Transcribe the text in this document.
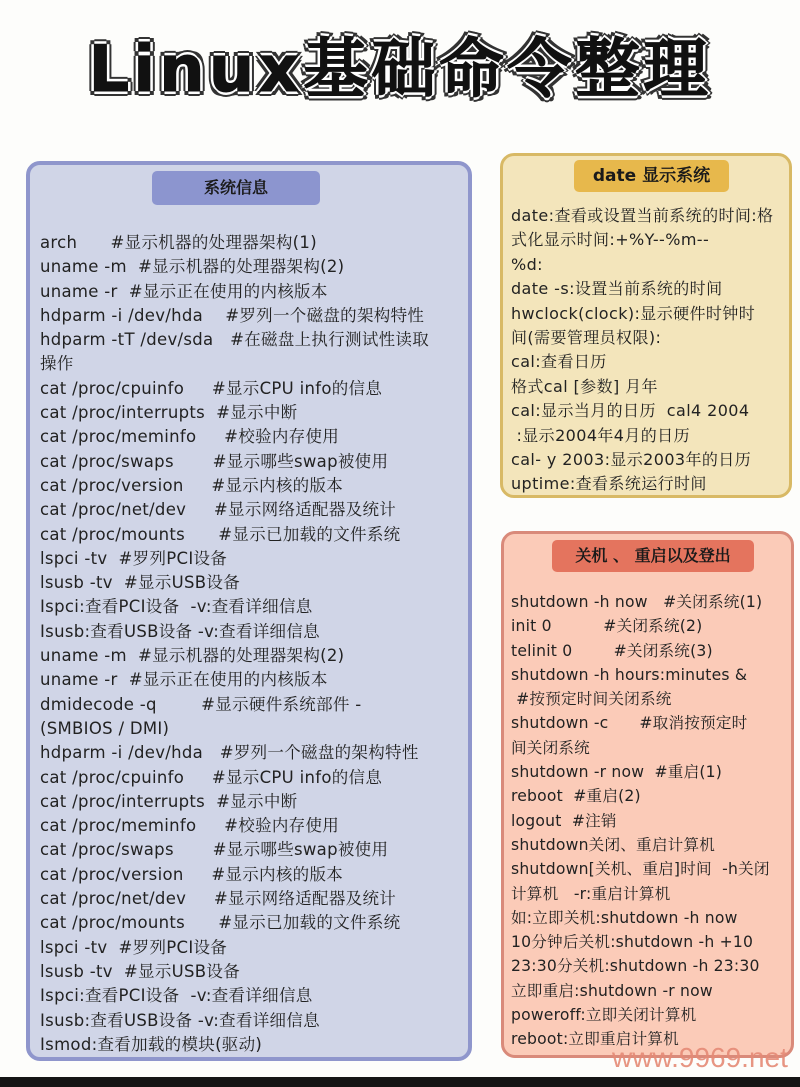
Linux基础命令整理
系统信息
arch      #显示机器的处理器架构(1)
uname -m  #显示机器的处理器架构(2)
uname -r  #显示正在使用的内核版本
hdparm -i /dev/hda    #罗列一个磁盘的架构特性
hdparm -tT /dev/sda   #在磁盘上执行测试性读取
操作
cat /proc/cpuinfo     #显示CPU info的信息
cat /proc/interrupts  #显示中断
cat /proc/meminfo     #校验内存使用
cat /proc/swaps       #显示哪些swap被使用
cat /proc/version     #显示内核的版本
cat /proc/net/dev     #显示网络适配器及统计
cat /proc/mounts      #显示已加载的文件系统
lspci -tv  #罗列PCI设备
lsusb -tv  #显示USB设备
Ispci:查看PCI设备  -v:查看详细信息
Isusb:查看USB设备 -v:查看详细信息
uname -m  #显示机器的处理器架构(2)
uname -r  #显示正在使用的内核版本
dmidecode -q        #显示硬件系统部件 -
(SMBIOS / DMI)
hdparm -i /dev/hda   #罗列一个磁盘的架构特性
cat /proc/cpuinfo     #显示CPU info的信息
cat /proc/interrupts  #显示中断
cat /proc/meminfo     #校验内存使用
cat /proc/swaps       #显示哪些swap被使用
cat /proc/version     #显示内核的版本
cat /proc/net/dev     #显示网络适配器及统计
cat /proc/mounts      #显示已加载的文件系统
lspci -tv  #罗列PCI设备
lsusb -tv  #显示USB设备
Ispci:查看PCI设备  -v:查看详细信息
Isusb:查看USB设备 -v:查看详细信息
Ismod:查看加载的模块(驱动)
date 显示系统
date:查看或设置当前系统的时间:格
式化显示时间:+%Y--%m--
%d:
date -s:设置当前系统的时间
hwclock(clock):显示硬件时钟时
间(需要管理员权限):
cal:查看日历
格式cal [参数] 月年
cal:显示当月的日历  cal4 2004
:显示2004年4月的日历
cal- y 2003:显示2003年的日历
uptime:查看系统运行时间
关机 、 重启以及登出
shutdown -h now   #关闭系统(1)
init 0          #关闭系统(2)
telinit 0        #关闭系统(3)
shutdown -h hours:minutes &
#按预定时间关闭系统
shutdown -c      #取消按预定时
间关闭系统
shutdown -r now  #重启(1)
reboot  #重启(2)
logout  #注销
shutdown关闭、重启计算机
shutdown[关机、重启]时间  -h关闭
计算机   -r:重启计算机
如:立即关机:shutdown -h now
10分钟后关机:shutdown -h +10
23:30分关机:shutdown -h 23:30
立即重启:shutdown -r now
poweroff:立即关闭计算机
reboot:立即重启计算机
www.9969.net
